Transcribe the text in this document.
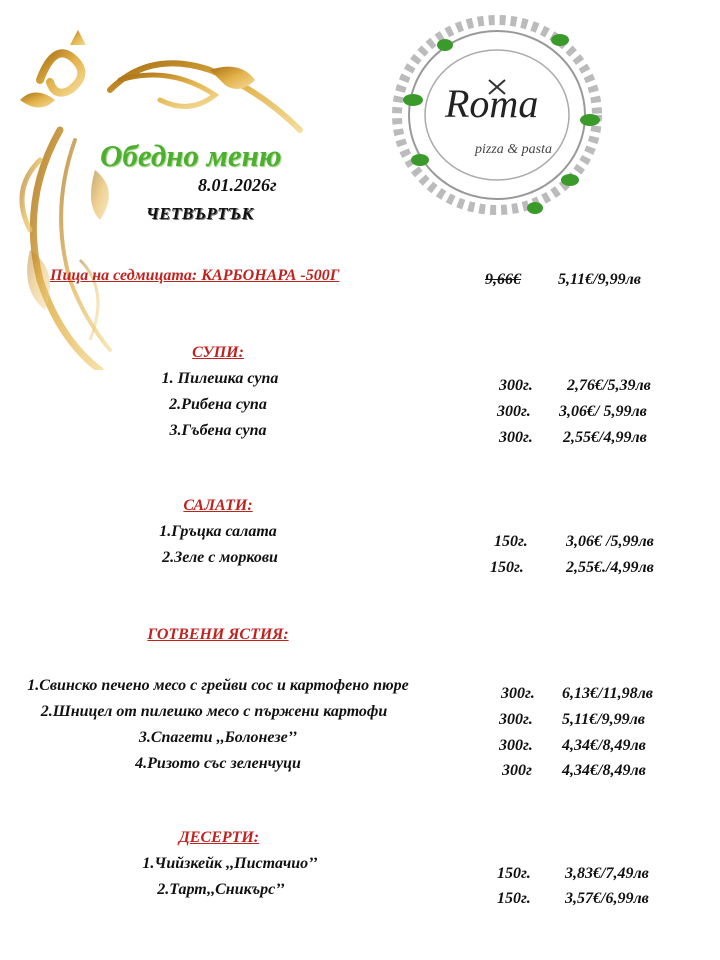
Roma
pizza & pasta
Обедно меню
8.01.2026г
ЧЕТВЪРТЪК
Пица на седмицата: КАРБОНАРА -500Г	9,66€ 5,11€/9,99лв
СУПИ:
1. Пилешка супа
2.Рибена супа
3.Гъбена супа
300г. 2,76€/5,39лв
300г. 3,06€/ 5,99лв
300г. 2,55€/4,99лв
САЛАТИ:
1.Гръцка салата
2.Зеле с моркови
150г. 3,06€ /5,99лв
150г.	2,55€./4,99лв
ГОТВЕНИ ЯСТИЯ:
1.Свинско печено месо с грейви сос и картофено пюре
2.Шницел от пилешко месо с пържени картофи
3.Спагети ,,Болонезе’’
4.Ризото със зеленчуци
300г. 6,13€/11,98лв
300г. 5,11€/9,99лв
300г. 4,34€/8,49лв
300г 4,34€/8,49лв
ДЕСЕРТИ:
1.Чийзкейк ,,Пистачио’’
2.Тарт,,Сникърс’’
150г. 3,83€/7,49лв
150г. 3,57€/6,99лв
